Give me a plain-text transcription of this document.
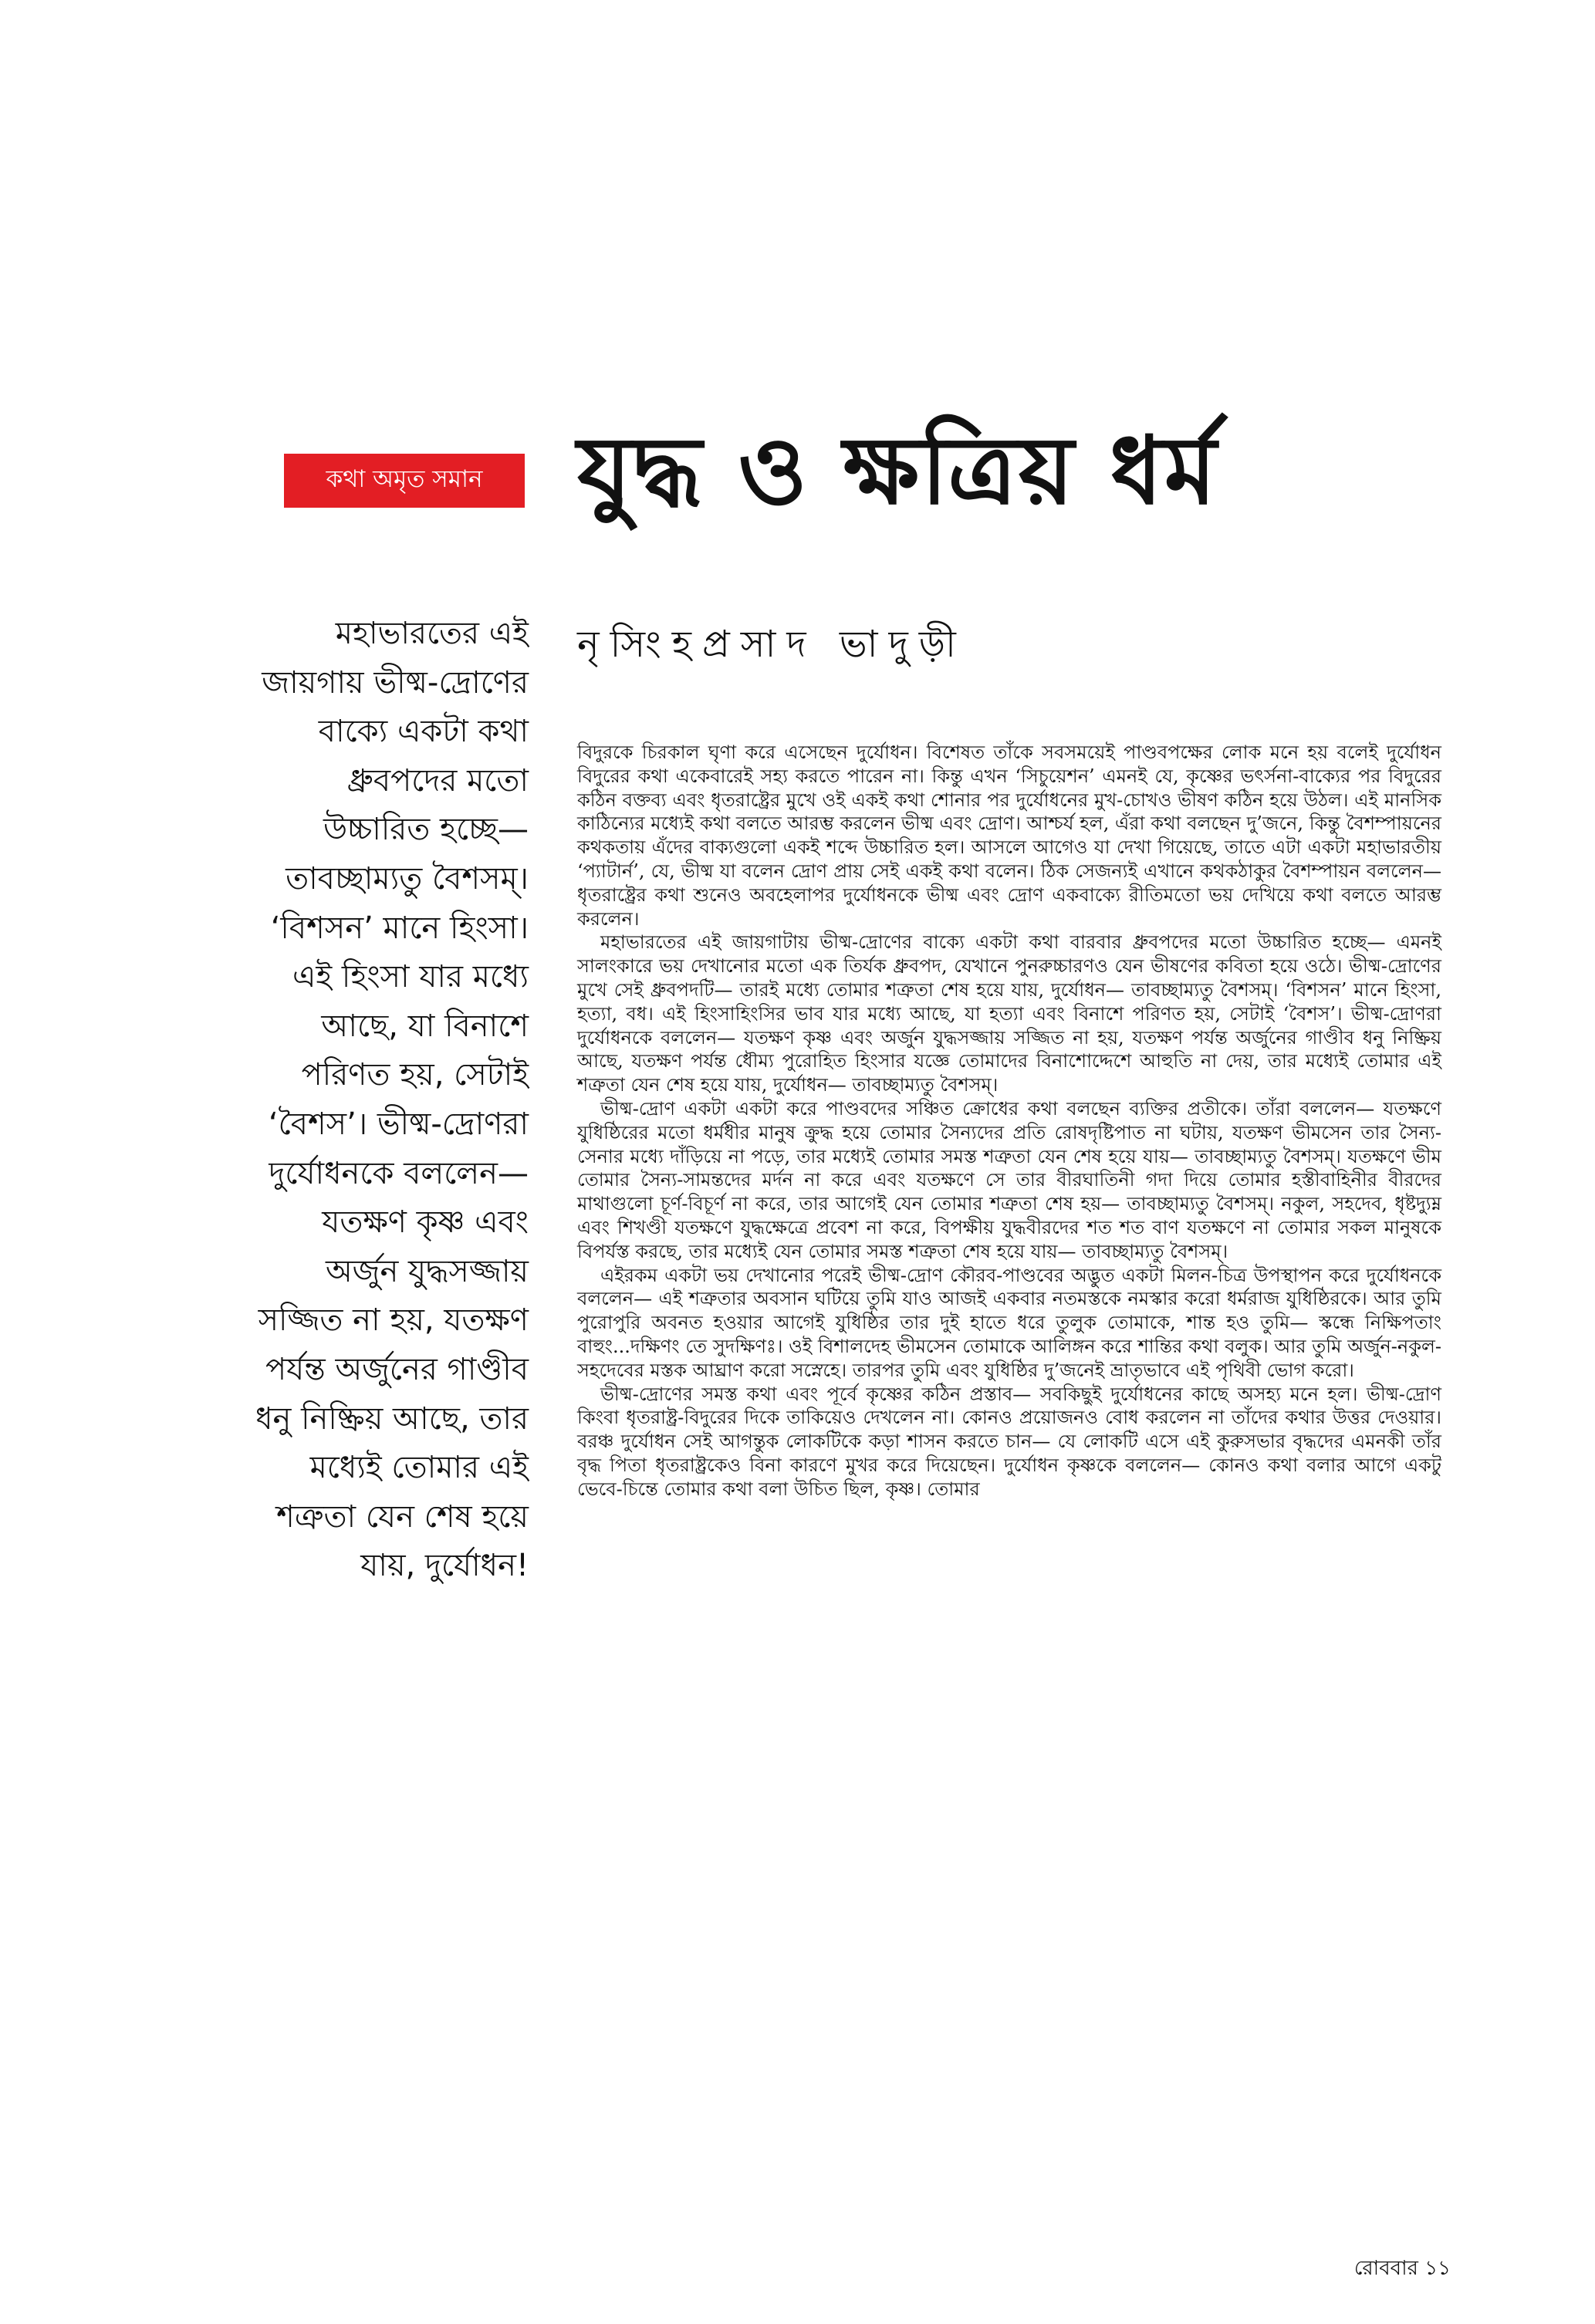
কথা অমৃত সমান	যুদ্ধ ও ক্ষত্রিয় ধর্ম
নৃসিংহপ্রসাদ ভাদুড়ী
মহাভারতের এই
জায়গায় ভীষ্ম-দ্রোণের
বাক্যে একটা কথা
ধ্রুবপদের মতো
উচ্চারিত হচ্ছে—
তাবচ্ছাম্যতু বৈশসম্‌।
‘বিশসন’ মানে হিংসা।
এই হিংসা যার মধ্যে
আছে, যা বিনাশে
পরিণত হয়, সেটাই
‘বৈশস’। ভীষ্ম-দ্রোণরা
দুর্যোধনকে বললেন—
যতক্ষণ কৃষ্ণ এবং
অর্জুন যুদ্ধসজ্জায়
সজ্জিত না হয়, যতক্ষণ
পর্যন্ত অর্জুনের গাণ্ডীব
ধনু নিষ্ক্রিয় আছে, তার
মধ্যেই তোমার এই
শত্রুতা যেন শেষ হয়ে
যায়, দুর্যোধন!

বিদুরকে চিরকাল ঘৃণা করে এসেছেন দুর্যোধন। বিশেষত তাঁকে সবসময়েই পাণ্ডবপক্ষের লোক মনে হয় বলেই দুর্যোধন বিদুরের কথা একেবারেই সহ্য করতে পারেন না। কিন্তু এখন ‘সিচুয়েশন’ এমনই যে, কৃষ্ণের ভৎর্সনা-বাক্যের পর বিদুরের কঠিন বক্তব্য এবং ধৃতরাষ্ট্রের মুখে ওই একই কথা শোনার পর দুর্যোধনের মুখ-চোখও ভীষণ কঠিন হয়ে উঠল। এই মানসিক কাঠিন্যের মধ্যেই কথা বলতে আরম্ভ করলেন ভীষ্ম এবং দ্রোণ। আশ্চর্য হল, এঁরা কথা বলছেন দু’জনে, কিন্তু বৈশম্পায়নের কথকতায় এঁদের বাক্যগুলো একই শব্দে উচ্চারিত হল। আসলে আগেও যা দেখা গিয়েছে, তাতে এটা একটা মহাভারতীয় ‘প্যাটার্ন’, যে, ভীষ্ম যা বলেন দ্রোণ প্রায় সেই একই কথা বলেন। ঠিক সেজন্যই এখানে কথকঠাকুর বৈশম্পায়ন বললেন— ধৃতরাষ্ট্রের কথা শুনেও অবহেলাপর দুর্যোধনকে ভীষ্ম এবং দ্রোণ একবাক্যে রীতিমতো ভয় দেখিয়ে কথা বলতে আরম্ভ করলেন।

মহাভারতের এই জায়গাটায় ভীষ্ম-দ্রোণের বাক্যে একটা কথা বারবার ধ্রুবপদের মতো উচ্চারিত হচ্ছে— এমনই সালংকারে ভয় দেখানোর মতো এক তির্যক ধ্রুবপদ, যেখানে পুনরুচ্চারণও যেন ভীষণের কবিতা হয়ে ওঠে। ভীষ্ম-দ্রোণের মুখে সেই ধ্রুবপদটি— তারই মধ্যে তোমার শত্রুতা শেষ হয়ে যায়, দুর্যোধন— তাবচ্ছাম্যতু বৈশসম্‌। ‘বিশসন’ মানে হিংসা, হত্যা, বধ। এই হিংসাহিংসির ভাব যার মধ্যে আছে, যা হত্যা এবং বিনাশে পরিণত হয়, সেটাই ‘বৈশস’। ভীষ্ম-দ্রোণরা দুর্যোধনকে বললেন— যতক্ষণ কৃষ্ণ এবং অর্জুন যুদ্ধসজ্জায় সজ্জিত না হয়, যতক্ষণ পর্যন্ত অর্জুনের গাণ্ডীব ধনু নিষ্ক্রিয় আছে, যতক্ষণ পর্যন্ত ধৌম্য পুরোহিত হিংসার যজ্ঞে তোমাদের বিনাশোদ্দেশে আহুতি না দেয়, তার মধ্যেই তোমার এই শত্রুতা যেন শেষ হয়ে যায়, দুর্যোধন— তাবচ্ছাম্যতু বৈশসম্‌।

ভীষ্ম-দ্রোণ একটা একটা করে পাণ্ডবদের সঞ্চিত ক্রোধের কথা বলছেন ব্যক্তির প্রতীকে। তাঁরা বললেন— যতক্ষণে যুধিষ্ঠিরের মতো ধর্মধীর মানুষ ক্রুদ্ধ হয়ে তোমার সৈন্যদের প্রতি রোষদৃষ্টিপাত না ঘটায়, যতক্ষণ ভীমসেন তার সৈন্য-সেনার মধ্যে দাঁড়িয়ে না পড়ে, তার মধ্যেই তোমার সমস্ত শত্রুতা যেন শেষ হয়ে যায়— তাবচ্ছাম্যতু বৈশসম্‌। যতক্ষণে ভীম তোমার সৈন্য-সামন্তদের মর্দন না করে এবং যতক্ষণে সে তার বীরঘাতিনী গদা দিয়ে তোমার হস্তীবাহিনীর বীরদের মাথাগুলো চূর্ণ-বিচূর্ণ না করে, তার আগেই যেন তোমার শত্রুতা শেষ হয়— তাবচ্ছাম্যতু বৈশসম্‌। নকুল, সহদেব, ধৃষ্টদ্যুম্ন এবং শিখণ্ডী যতক্ষণে যুদ্ধক্ষেত্রে প্রবেশ না করে, বিপক্ষীয় যুদ্ধবীরদের শত শত বাণ যতক্ষণে না তোমার সকল মানুষকে বিপর্যস্ত করছে, তার মধ্যেই যেন তোমার সমস্ত শত্রুতা শেষ হয়ে যায়— তাবচ্ছাম্যতু বৈশসম্‌।

এইরকম একটা ভয় দেখানোর পরেই ভীষ্ম-দ্রোণ কৌরব-পাণ্ডবের অদ্ভুত একটা মিলন-চিত্র উপস্থাপন করে দুর্যোধনকে বললেন— এই শত্রুতার অবসান ঘটিয়ে তুমি যাও আজই একবার নতমস্তকে নমস্কার করো ধর্মরাজ যুধিষ্ঠিরকে। আর তুমি পুরোপুরি অবনত হওয়ার আগেই যুধিষ্ঠির তার দুই হাতে ধরে তুলুক তোমাকে, শান্ত হও তুমি— স্কন্ধে নিক্ষিপতাং বাহুং...দক্ষিণং তে সুদক্ষিণঃ। ওই বিশালদেহ ভীমসেন তোমাকে আলিঙ্গন করে শান্তির কথা বলুক। আর তুমি অর্জুন-নকুল-সহদেবের মস্তক আঘ্রাণ করো সস্নেহে। তারপর তুমি এবং যুধিষ্ঠির দু’জনেই ভ্রাতৃভাবে এই পৃথিবী ভোগ করো।

ভীষ্ম-দ্রোণের সমস্ত কথা এবং পূর্বে কৃষ্ণের কঠিন প্রস্তাব— সবকিছুই দুর্যোধনের কাছে অসহ্য মনে হল। ভীষ্ম-দ্রোণ কিংবা ধৃতরাষ্ট্র-বিদুরের দিকে তাকিয়েও দেখলেন না। কোনও প্রয়োজনও বোধ করলেন না তাঁদের কথার উত্তর দেওয়ার। বরঞ্চ দুর্যোধন সেই আগন্তুক লোকটিকে কড়া শাসন করতে চান— যে লোকটি এসে এই কুরুসভার বৃদ্ধদের এমনকী তাঁর বৃদ্ধ পিতা ধৃতরাষ্ট্রকেও বিনা কারণে মুখর করে দিয়েছেন। দুর্যোধন কৃষ্ণকে বললেন— কোনও কথা বলার আগে একটু ভেবে-চিন্তে তোমার কথা বলা উচিত ছিল, কৃষ্ণ। তোমার

রোববার ১১
